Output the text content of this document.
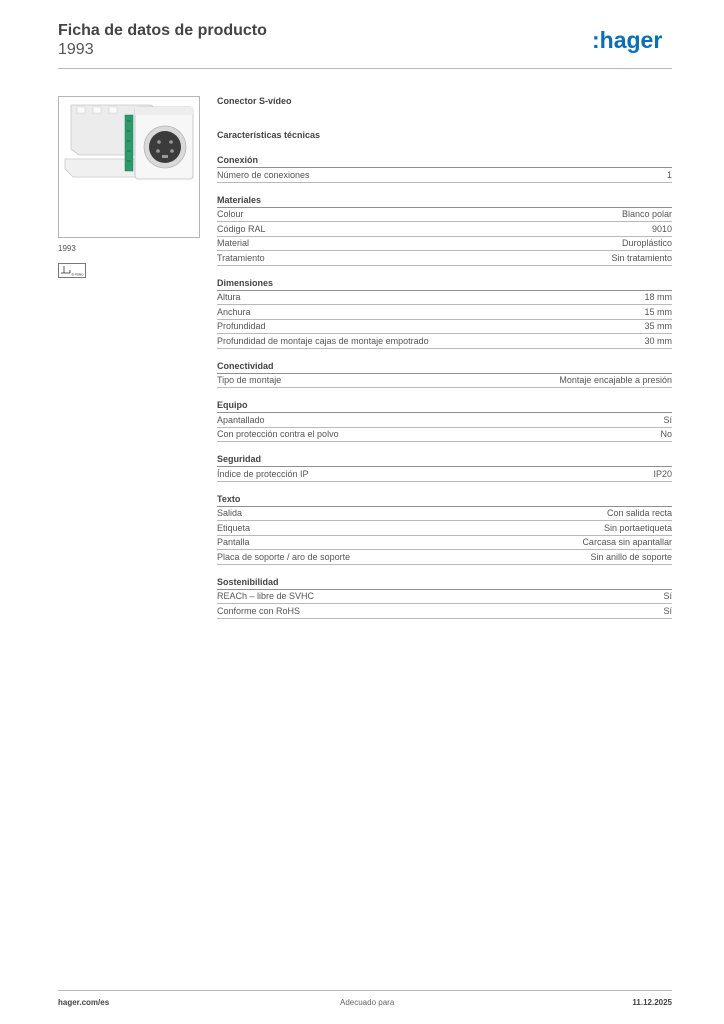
Ficha de datos de producto
1993	:hager
1993
S-Video
Conector S-vídeo
Características técnicas
Conexión
Número de conexiones	1
Materiales
Colour	Blanco polar
Código RAL	9010
Material	Duroplástico
Tratamiento	Sin tratamiento
Dimensiones
Altura	18 mm
Anchura	15 mm
Profundidad	35 mm
Profundidad de montaje cajas de montaje empotrado	30 mm
Conectividad
Tipo de montaje	Montaje encajable a presión
Equipo
Apantallado	Sí
Con protección contra el polvo	No
Seguridad
Índice de protección IP	IP20
Texto
Salida	Con salida recta
Etiqueta	Sin portaetiqueta
Pantalla	Carcasa sin apantallar
Placa de soporte / aro de soporte	Sin anillo de soporte
Sostenibilidad
REACh – libre de SVHC	Sí
Conforme con RoHS	Sí
hager.com/es	Adecuado para	11.12.2025
